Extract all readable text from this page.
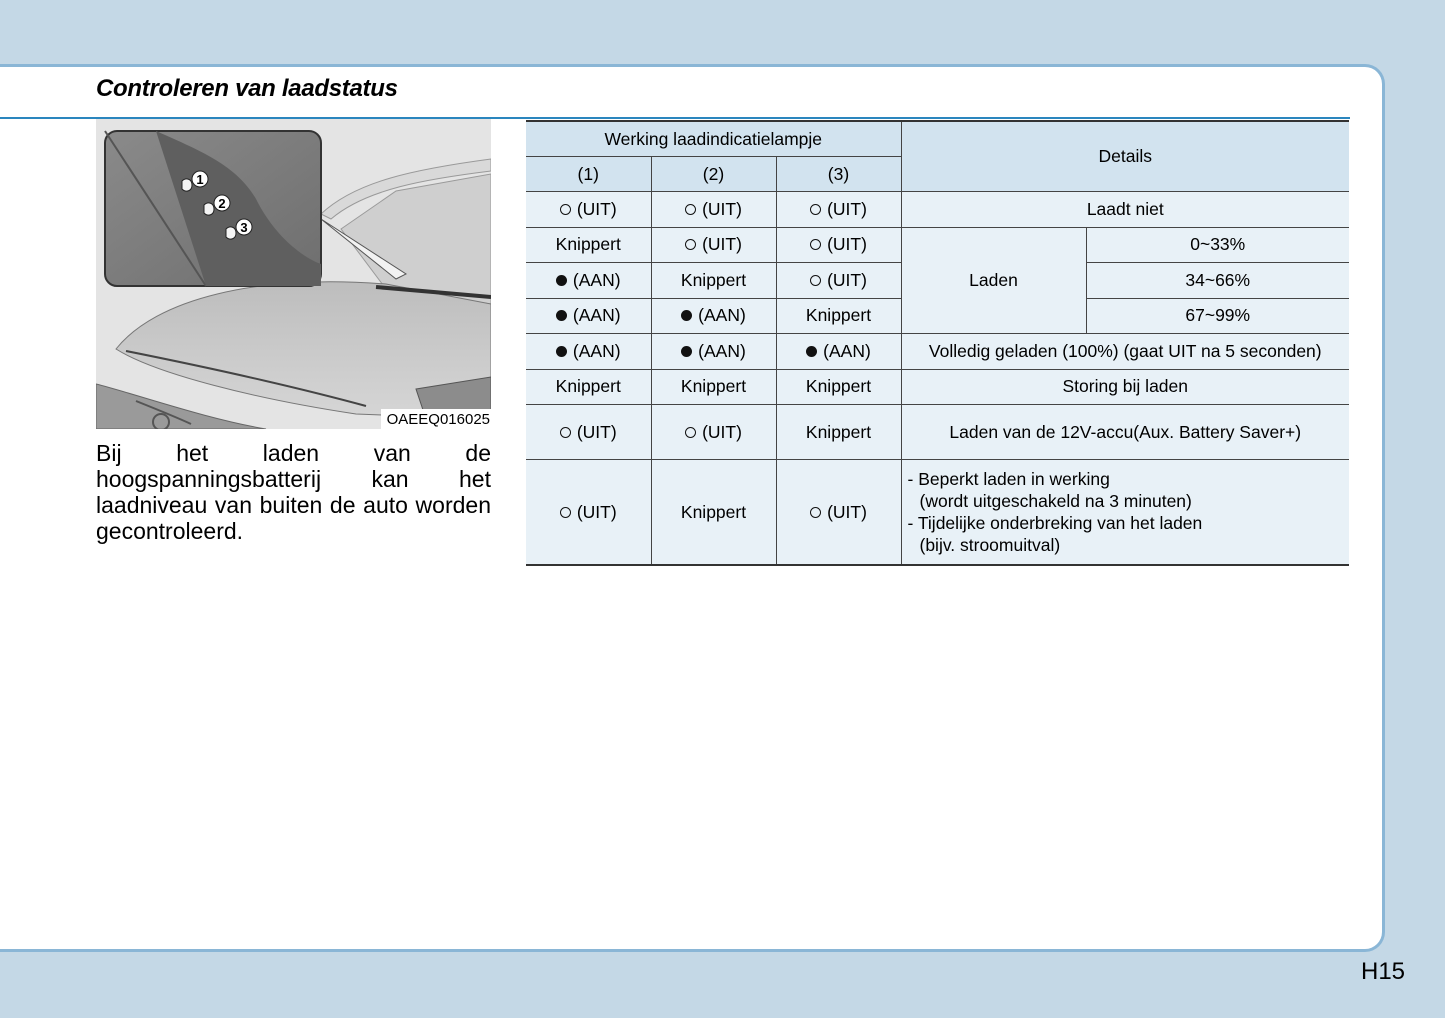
Controleren van laadstatus
1
2
3
OAEEQ016025

Bij het laden van de hoogspanningsbatterij kan het laadniveau van buiten de auto worden gecontroleerd.

Werking laadindicatielampje			Details	
(1)	(2)	(3)		
(UIT)	(UIT)	(UIT)	Laadt niet	
Knippert	(UIT)	(UIT)	Laden	0~33%
(AAN)	Knippert	(UIT)		34~66%
(AAN)	(AAN)	Knippert		67~99%
(AAN)	(AAN)	(AAN)	Volledig geladen (100%) (gaat UIT na 5 seconden)	
Knippert	Knippert	Knippert	Storing bij laden	
(UIT)	(UIT)	Knippert	Laden van de 12V-accu(Aux. Battery Saver+)	
(UIT)	Knippert	(UIT)	- Beperkt laden in werking
(wordt uitgeschakeld na 3 minuten)
- Tijdelijke onderbreking van het laden
(bijv. stroomuitval)	
H15
